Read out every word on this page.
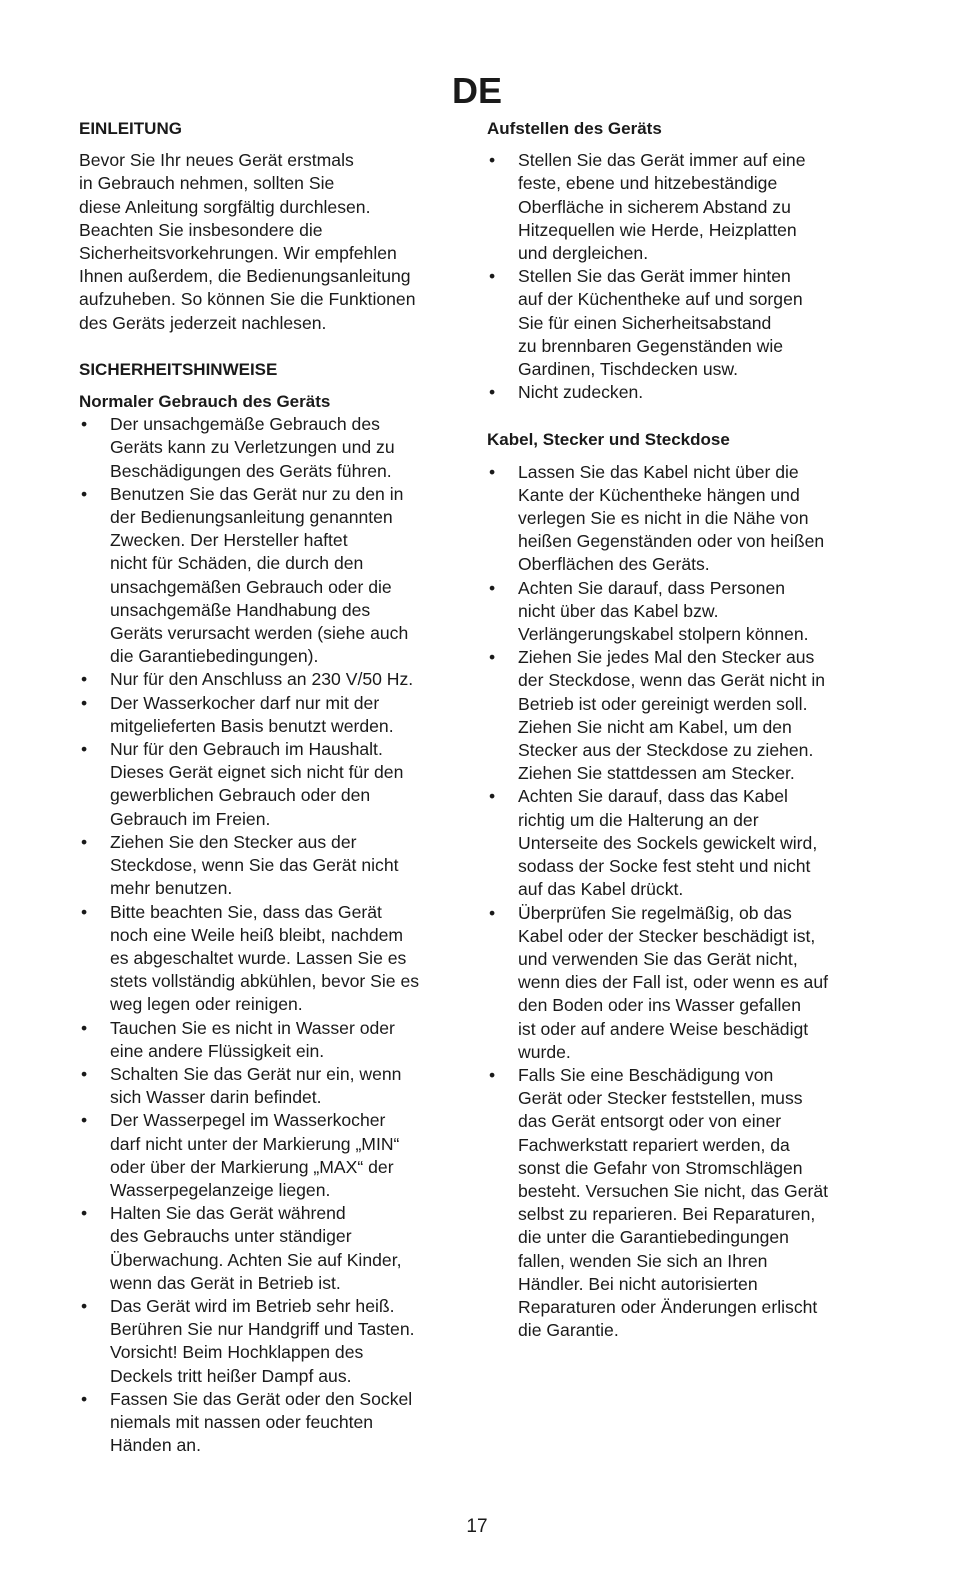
DE
EINLEITUNG

Bevor Sie Ihr neues Gerät erstmals
in Gebrauch nehmen, sollten Sie
diese Anleitung sorgfältig durchlesen.
Beachten Sie insbesondere die
Sicherheitsvorkehrungen. Wir empfehlen
Ihnen außerdem, die Bedienungsanleitung
aufzuheben. So können Sie die Funktionen
des Geräts jederzeit nachlesen.

SICHERHEITSHINWEISE
Normaler Gebrauch des Geräts
• Der unsachgemäße Gebrauch des
Geräts kann zu Verletzungen und zu
Beschädigungen des Geräts führen.
• Benutzen Sie das Gerät nur zu den in
der Bedienungsanleitung genannten
Zwecken. Der Hersteller haftet
nicht für Schäden, die durch den
unsachgemäßen Gebrauch oder die
unsachgemäße Handhabung des
Geräts verursacht werden (siehe auch
die Garantiebedingungen).
• Nur für den Anschluss an 230 V/50 Hz.
• Der Wasserkocher darf nur mit der
mitgelieferten Basis benutzt werden.
• Nur für den Gebrauch im Haushalt.
Dieses Gerät eignet sich nicht für den
gewerblichen Gebrauch oder den
Gebrauch im Freien.
• Ziehen Sie den Stecker aus der
Steckdose, wenn Sie das Gerät nicht
mehr benutzen.
• Bitte beachten Sie, dass das Gerät
noch eine Weile heiß bleibt, nachdem
es abgeschaltet wurde. Lassen Sie es
stets vollständig abkühlen, bevor Sie es
weg legen oder reinigen.
• Tauchen Sie es nicht in Wasser oder
eine andere Flüssigkeit ein.
• Schalten Sie das Gerät nur ein, wenn
sich Wasser darin befindet.
• Der Wasserpegel im Wasserkocher
darf nicht unter der Markierung „MIN“
oder über der Markierung „MAX“ der
Wasserpegelanzeige liegen.
• Halten Sie das Gerät während
des Gebrauchs unter ständiger
Überwachung. Achten Sie auf Kinder,
wenn das Gerät in Betrieb ist.
• Das Gerät wird im Betrieb sehr heiß.
Berühren Sie nur Handgriff und Tasten.
Vorsicht! Beim Hochklappen des
Deckels tritt heißer Dampf aus.
• Fassen Sie das Gerät oder den Sockel
niemals mit nassen oder feuchten
Händen an.
Aufstellen des Geräts
• Stellen Sie das Gerät immer auf eine
feste, ebene und hitzebeständige
Oberfläche in sicherem Abstand zu
Hitzequellen wie Herde, Heizplatten
und dergleichen.
• Stellen Sie das Gerät immer hinten
auf der Küchentheke auf und sorgen
Sie für einen Sicherheitsabstand
zu brennbaren Gegenständen wie
Gardinen, Tischdecken usw.
• Nicht zudecken.
Kabel, Stecker und Steckdose
• Lassen Sie das Kabel nicht über die
Kante der Küchentheke hängen und
verlegen Sie es nicht in die Nähe von
heißen Gegenständen oder von heißen
Oberflächen des Geräts.
• Achten Sie darauf, dass Personen
nicht über das Kabel bzw.
Verlängerungskabel stolpern können.
• Ziehen Sie jedes Mal den Stecker aus
der Steckdose, wenn das Gerät nicht in
Betrieb ist oder gereinigt werden soll.
Ziehen Sie nicht am Kabel, um den
Stecker aus der Steckdose zu ziehen.
Ziehen Sie stattdessen am Stecker.
• Achten Sie darauf, dass das Kabel
richtig um die Halterung an der
Unterseite des Sockels gewickelt wird,
sodass der Socke fest steht und nicht
auf das Kabel drückt.
• Überprüfen Sie regelmäßig, ob das
Kabel oder der Stecker beschädigt ist,
und verwenden Sie das Gerät nicht,
wenn dies der Fall ist, oder wenn es auf
den Boden oder ins Wasser gefallen
ist oder auf andere Weise beschädigt
wurde.
• Falls Sie eine Beschädigung von
Gerät oder Stecker feststellen, muss
das Gerät entsorgt oder von einer
Fachwerkstatt repariert werden, da
sonst die Gefahr von Stromschlägen
besteht. Versuchen Sie nicht, das Gerät
selbst zu reparieren. Bei Reparaturen,
die unter die Garantiebedingungen
fallen, wenden Sie sich an Ihren
Händler. Bei nicht autorisierten
Reparaturen oder Änderungen erlischt
die Garantie.
17
